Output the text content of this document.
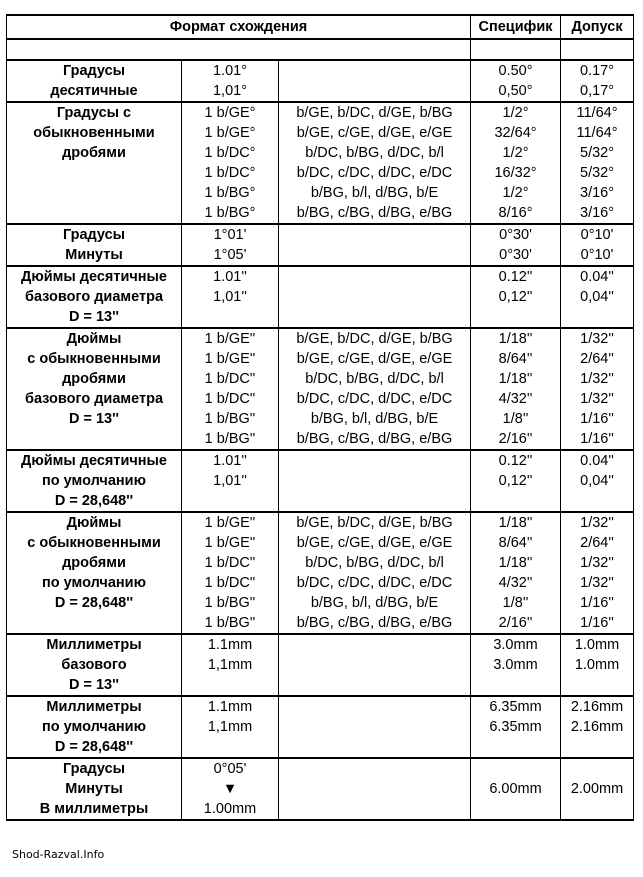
Формат схождения			Специфик	Допуск

Градусы	1.01°		0.50°	0.17°
десятичные	1,01°		0,50°	0,17°
Градусы с	1 b/GE°	b/GE, b/DC, d/GE, b/BG	1/2°	11/64°
обыкновенными	1 b/GE°	b/GE, c/GE, d/GE, e/GE	32/64°	11/64°
дробями	1 b/DC°	b/DC, b/BG, d/DC, b/l	1/2°	5/32°
	1 b/DC°	b/DC, c/DC, d/DC, e/DC	16/32°	5/32°
	1 b/BG°	b/BG, b/l, d/BG, b/E	1/2°	3/16°
	1 b/BG°	b/BG, c/BG, d/BG, e/BG	8/16°	3/16°
Градусы	1°01'		0°30'	0°10'
Минуты	1°05'		0°30'	0°10'
Дюймы десятичные	1.01''		0.12''	0.04''
базового диаметра	1,01''		0,12''	0,04''
D = 13''				
Дюймы	1 b/GE''	b/GE, b/DC, d/GE, b/BG	1/18''	1/32''
с обыкновенными	1 b/GE''	b/GE, c/GE, d/GE, e/GE	8/64''	2/64''
дробями	1 b/DC''	b/DC, b/BG, d/DC, b/l	1/18''	1/32''
базового диаметра	1 b/DC''	b/DC, c/DC, d/DC, e/DC	4/32''	1/32''
D = 13''	1 b/BG''	b/BG, b/l, d/BG, b/E	1/8''	1/16''
	1 b/BG''	b/BG, c/BG, d/BG, e/BG	2/16''	1/16''
Дюймы десятичные	1.01''		0.12''	0.04''
по умолчанию	1,01''		0,12''	0,04''
D = 28,648''				
Дюймы	1 b/GE''	b/GE, b/DC, d/GE, b/BG	1/18''	1/32''
с обыкновенными	1 b/GE''	b/GE, c/GE, d/GE, e/GE	8/64''	2/64''
дробями	1 b/DC''	b/DC, b/BG, d/DC, b/l	1/18''	1/32''
по умолчанию	1 b/DC''	b/DC, c/DC, d/DC, e/DC	4/32''	1/32''
D = 28,648''	1 b/BG''	b/BG, b/l, d/BG, b/E	1/8''	1/16''
	1 b/BG''	b/BG, c/BG, d/BG, e/BG	2/16''	1/16''
Миллиметры	1.1mm		3.0mm	1.0mm
базового	1,1mm		3.0mm	1.0mm
D = 13''				
Миллиметры	1.1mm		6.35mm	2.16mm
по умолчанию	1,1mm		6.35mm	2.16mm
D = 28,648''				
Градусы	0°05'			
Минуты	▼		6.00mm	2.00mm
В миллиметры	1.00mm			
Shod-Razval.Info
